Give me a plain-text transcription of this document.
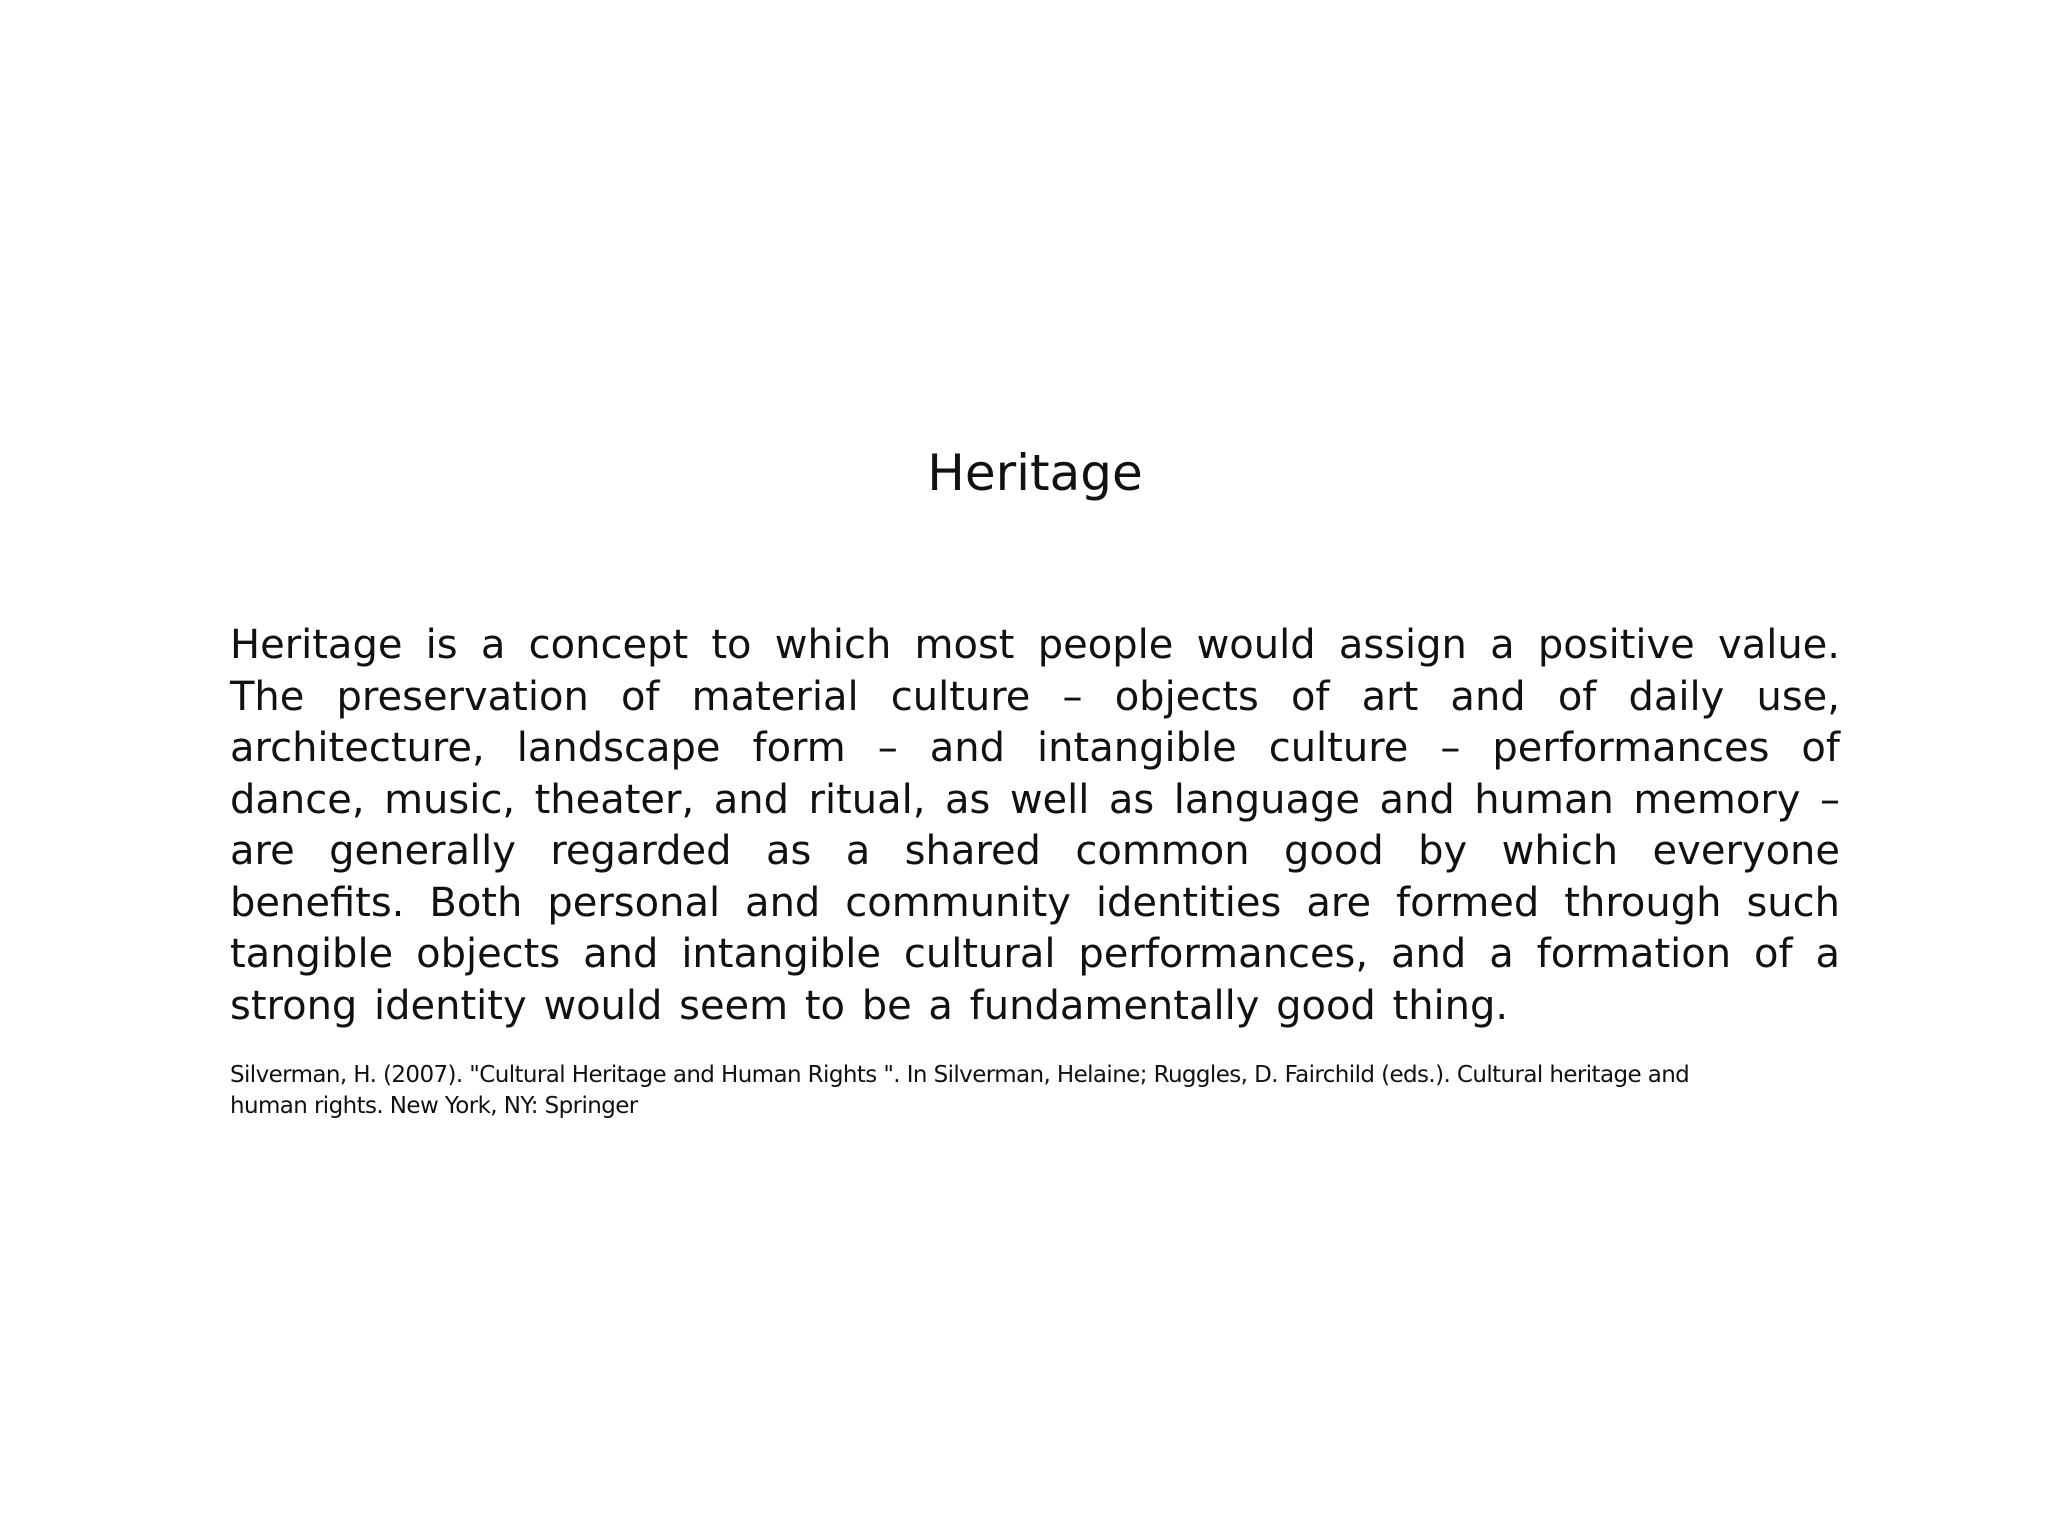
Heritage

Heritage is a concept to which most people would assign a positive value. The preservation of material culture – objects of art and of daily use, architecture, landscape form – and intangible culture – performances of dance, music, theater, and ritual, as well as language and human memory – are generally regarded as a shared common good by which everyone benefits. Both personal and community identities are formed through such tangible objects and intangible cultural performances, and a formation of a strong identity would seem to be a fundamentally good thing.

Silverman, H. (2007). "Cultural Heritage and Human Rights ". In Silverman, Helaine; Ruggles, D. Fairchild (eds.). Cultural heritage and human rights. New York, NY: Springer
